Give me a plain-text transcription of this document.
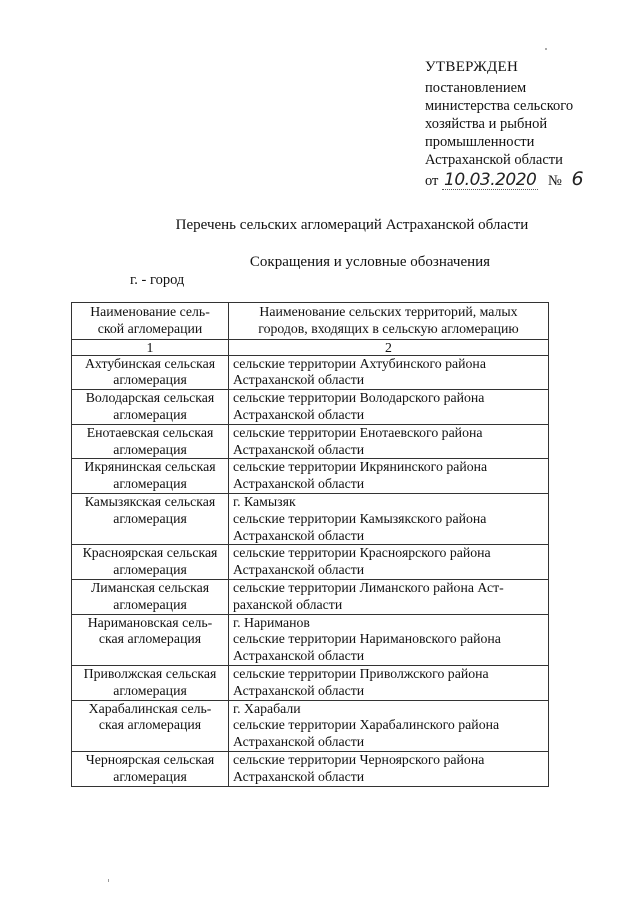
УТВЕРЖДЕН
постановлением
министерства сельского
хозяйства и рыбной
промышленности
Астраханской области
от 10.03.2020 № 6
Перечень сельских агломераций Астраханской области
Сокращения и условные обозначения
г. - город
Наименование сель-
ской агломерации	Наименование сельских территорий, малых
городов, входящих в сельскую агломерацию

1	2

Ахтубинская сельская
агломерация	сельские территории Ахтубинского района
Астраханской области

Володарская сельская
агломерация	сельские территории Володарского района
Астраханской области

Енотаевская сельская
агломерация	сельские территории Енотаевского района
Астраханской области

Икрянинская сельская
агломерация	сельские территории Икрянинского района
Астраханской области

Камызякская сельская
агломерация	г. Камызяк
сельские территории Камызякского района
Астраханской области

Красноярская сельская
агломерация	сельские территории Красноярского района
Астраханской области

Лиманская сельская
агломерация	сельские территории Лиманского района Аст-
раханской области

Наримановская сель-
ская агломерация	г. Нариманов
сельские территории Наримановского района
Астраханской области

Приволжская сельская
агломерация	сельские территории Приволжского района
Астраханской области

Харабалинская сель-
ская агломерация	г. Харабали
сельские территории Харабалинского района
Астраханской области

Черноярская сельская
агломерация	сельские территории Черноярского района
Астраханской области
